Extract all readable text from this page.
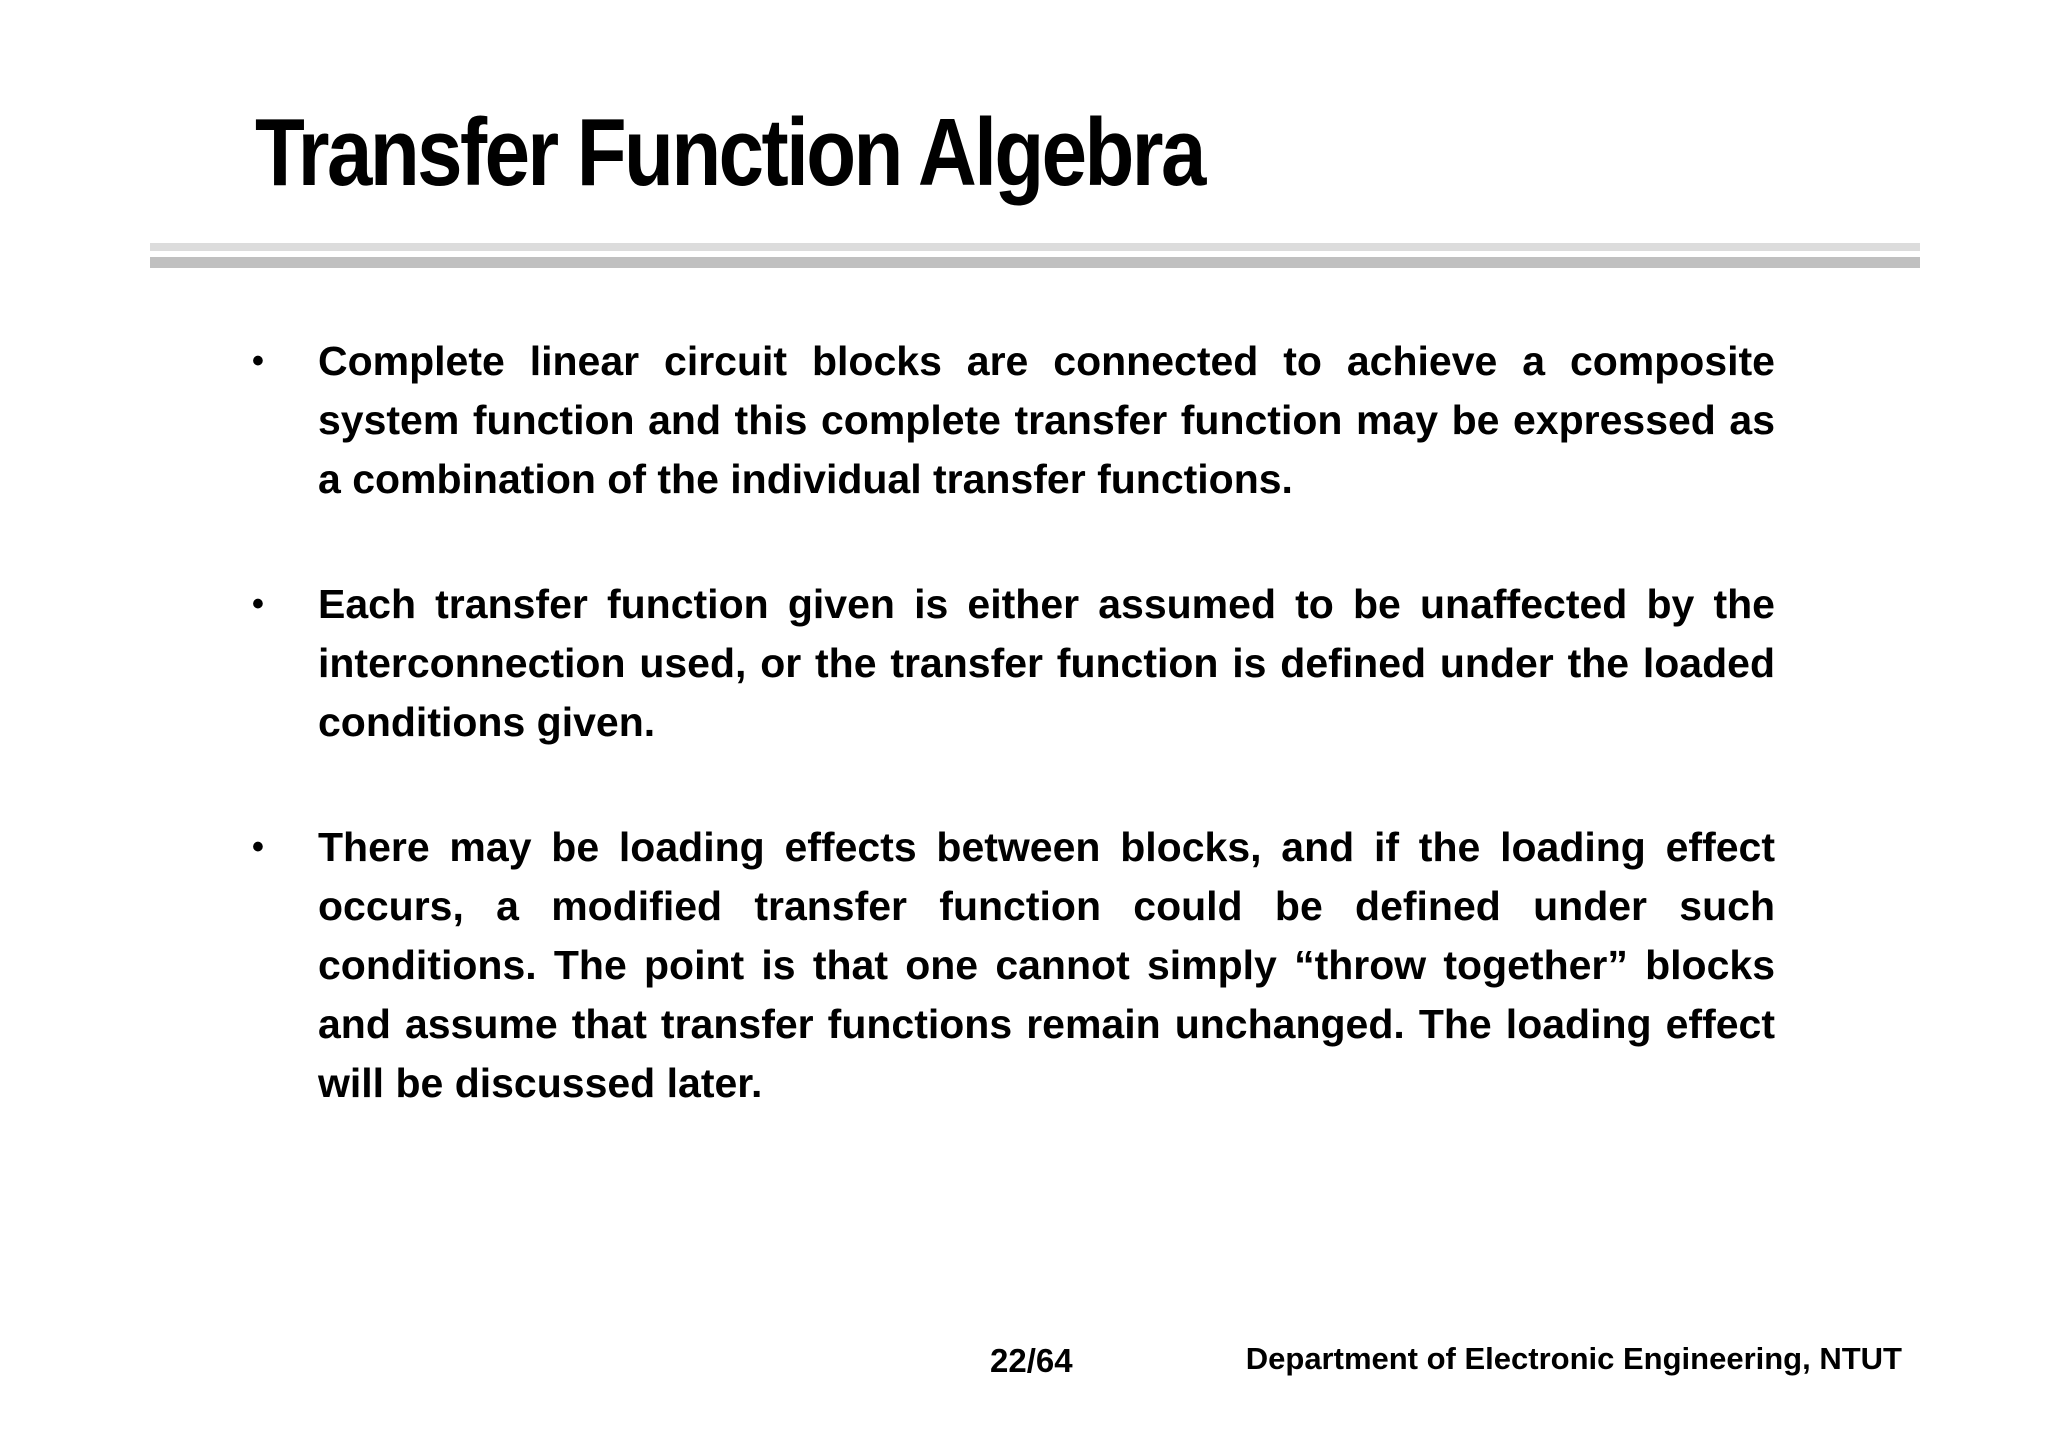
Transfer Function Algebra
• Complete linear circuit blocks are connected to achieve a composite system function and this complete transfer function may be expressed as a combination of the individual transfer functions.
• Each transfer function given is either assumed to be unaffected by the interconnection used, or the transfer function is defined under the loaded conditions given.
• There may be loading effects between blocks, and if the loading effect occurs, a modified transfer function could be defined under such conditions. The point is that one cannot simply “throw together” blocks and assume that transfer functions remain unchanged. The loading effect will be discussed later.
22/64	Department of Electronic Engineering, NTUT
